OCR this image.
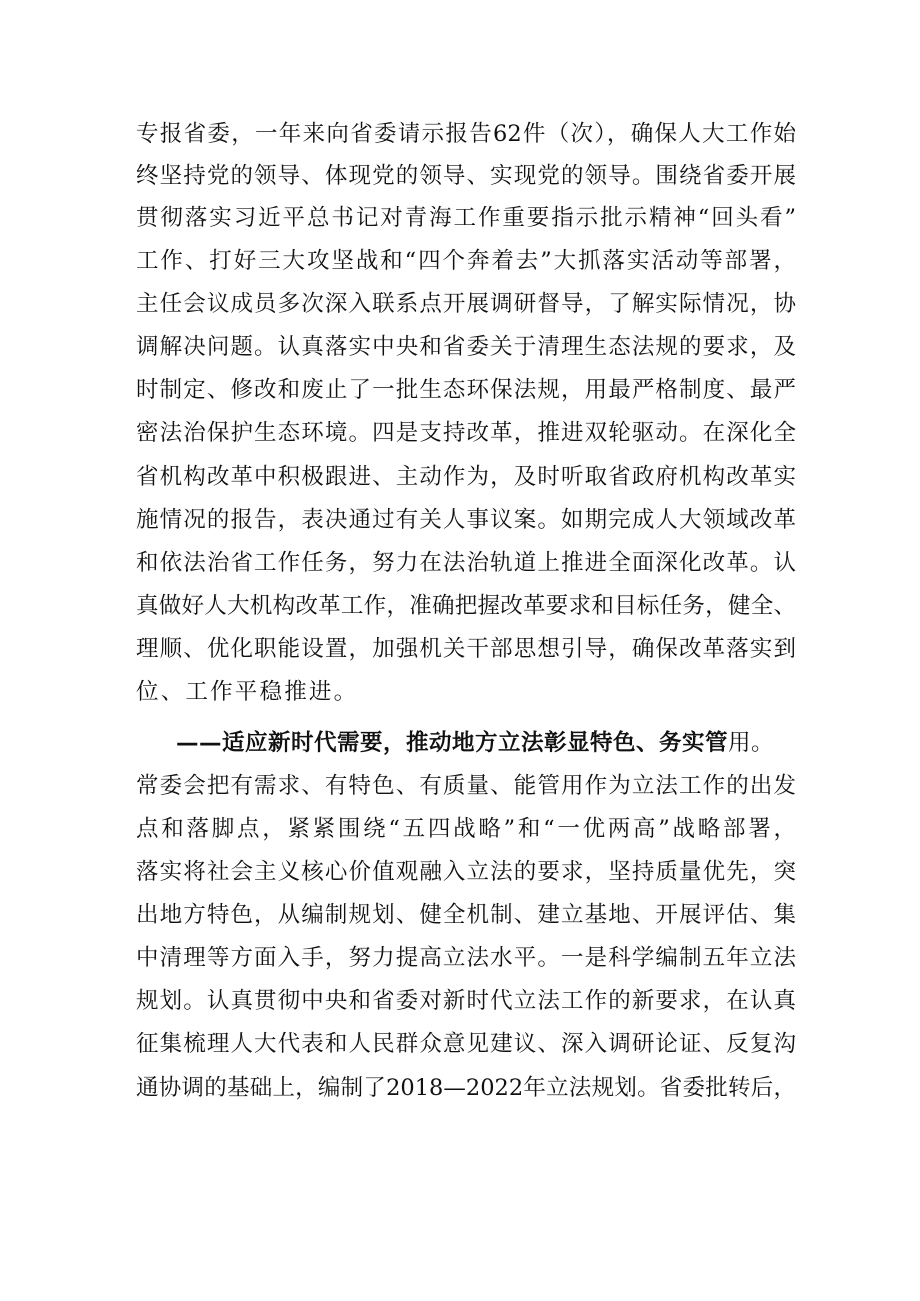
专报省委，一年来向省委请示报告62件（次），确保人大工作始
终坚持党的领导、体现党的领导、实现党的领导。围绕省委开展
贯彻落实习近平总书记对青海工作重要指示批示精神“回头看”
工作、打好三大攻坚战和“四个奔着去”大抓落实活动等部署，
主任会议成员多次深入联系点开展调研督导，了解实际情况，协
调解决问题。认真落实中央和省委关于清理生态法规的要求，及
时制定、修改和废止了一批生态环保法规，用最严格制度、最严
密法治保护生态环境。四是支持改革，推进双轮驱动。在深化全
省机构改革中积极跟进、主动作为，及时听取省政府机构改革实
施情况的报告，表决通过有关人事议案。如期完成人大领域改革
和依法治省工作任务，努力在法治轨道上推进全面深化改革。认
真做好人大机构改革工作，准确把握改革要求和目标任务，健全、
理顺、优化职能设置，加强机关干部思想引导，确保改革落实到
位、工作平稳推进。
——适应新时代需要，推动地方立法彰显特色、务实管用。
常委会把有需求、有特色、有质量、能管用作为立法工作的出发
点和落脚点，紧紧围绕“五四战略”和“一优两高”战略部署，
落实将社会主义核心价值观融入立法的要求，坚持质量优先，突
出地方特色，从编制规划、健全机制、建立基地、开展评估、集
中清理等方面入手，努力提高立法水平。一是科学编制五年立法
规划。认真贯彻中央和省委对新时代立法工作的新要求，在认真
征集梳理人大代表和人民群众意见建议、深入调研论证、反复沟
通协调的基础上，编制了2018—2022年立法规划。省委批转后，
